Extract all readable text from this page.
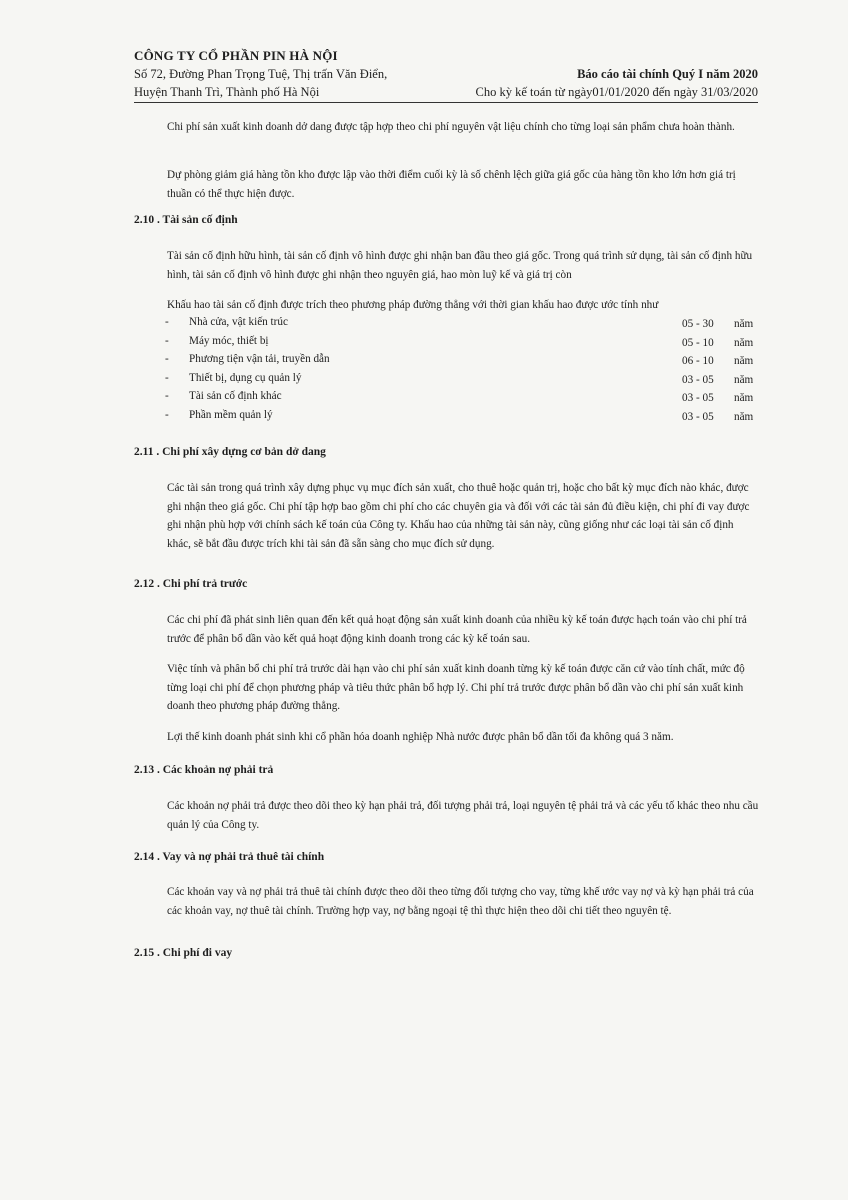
CÔNG TY CỔ PHẦN PIN HÀ NỘI
Số 72, Đường Phan Trọng Tuệ, Thị trấn Văn Điển,
Huyện Thanh Trì, Thành phố Hà Nội
Báo cáo tài chính Quý I năm 2020
Cho kỳ kế toán từ ngày01/01/2020 đến ngày 31/03/2020
Chi phí sản xuất kinh doanh dở dang được tập hợp theo chi phí nguyên vật liệu chính cho từng loại sản phẩm chưa hoàn thành.
Dự phòng giảm giá hàng tồn kho được lập vào thời điểm cuối kỳ là số chênh lệch giữa giá gốc của hàng tồn kho lớn hơn giá trị thuần có thể thực hiện được.
2.10 . Tài sản cố định
Tài sản cố định hữu hình, tài sản cố định vô hình được ghi nhận ban đầu theo giá gốc. Trong quá trình sử dụng, tài sản cố định hữu hình, tài sản cố định vô hình được ghi nhận theo nguyên giá, hao mòn luỹ kế và giá trị còn
Khấu hao tài sản cố định được trích theo phương pháp đường thẳng với thời gian khấu hao được ước tính như
- Nhà cửa, vật kiến trúc	05 - 30 năm
- Máy móc, thiết bị	05 - 10 năm
- Phương tiện vận tải, truyền dẫn	06 - 10 năm
- Thiết bị, dụng cụ quản lý	03 - 05 năm
- Tài sản cố định khác	03 - 05 năm
- Phần mềm quản lý	03 - 05 năm
2.11 . Chi phí xây dựng cơ bản dở dang
Các tài sản trong quá trình xây dựng phục vụ mục đích sản xuất, cho thuê hoặc quản trị, hoặc cho bất kỳ mục đích nào khác, được ghi nhận theo giá gốc. Chi phí tập hợp bao gồm chi phí cho các chuyên gia và đối với các tài sản đủ điều kiện, chi phí đi vay được ghi nhận phù hợp với chính sách kế toán của Công ty. Khấu hao của những tài sản này, cũng giống như các loại tài sản cố định khác, sẽ bắt đầu được trích khi tài sản đã sẵn sàng cho mục đích sử dụng.
2.12 . Chi phí trả trước
Các chi phí đã phát sinh liên quan đến kết quả hoạt động sản xuất kinh doanh của nhiều kỳ kế toán được hạch toán vào chi phí trả trước để phân bổ dần vào kết quả hoạt động kinh doanh trong các kỳ kế toán sau.
Việc tính và phân bổ chi phí trả trước dài hạn vào chi phí sản xuất kinh doanh từng kỳ kế toán được căn cứ vào tính chất, mức độ từng loại chi phí để chọn phương pháp và tiêu thức phân bổ hợp lý. Chi phí trả trước được phân bổ dần vào chi phí sản xuất kinh doanh theo phương pháp đường thẳng.
Lợi thế kinh doanh phát sinh khi cổ phần hóa doanh nghiệp Nhà nước được phân bổ dần tối đa không quá 3 năm.
2.13 . Các khoản nợ phải trả
Các khoản nợ phải trả được theo dõi theo kỳ hạn phải trả, đối tượng phải trả, loại nguyên tệ phải trả và các yếu tố khác theo nhu cầu quản lý của Công ty.
2.14 . Vay và nợ phải trả thuê tài chính
Các khoản vay và nợ phải trả thuê tài chính được theo dõi theo từng đối tượng cho vay, từng khế ước vay nợ và kỳ hạn phải trả của các khoản vay, nợ thuê tài chính. Trường hợp vay, nợ bằng ngoại tệ thì thực hiện theo dõi chi tiết theo nguyên tệ.
2.15 . Chi phí đi vay
